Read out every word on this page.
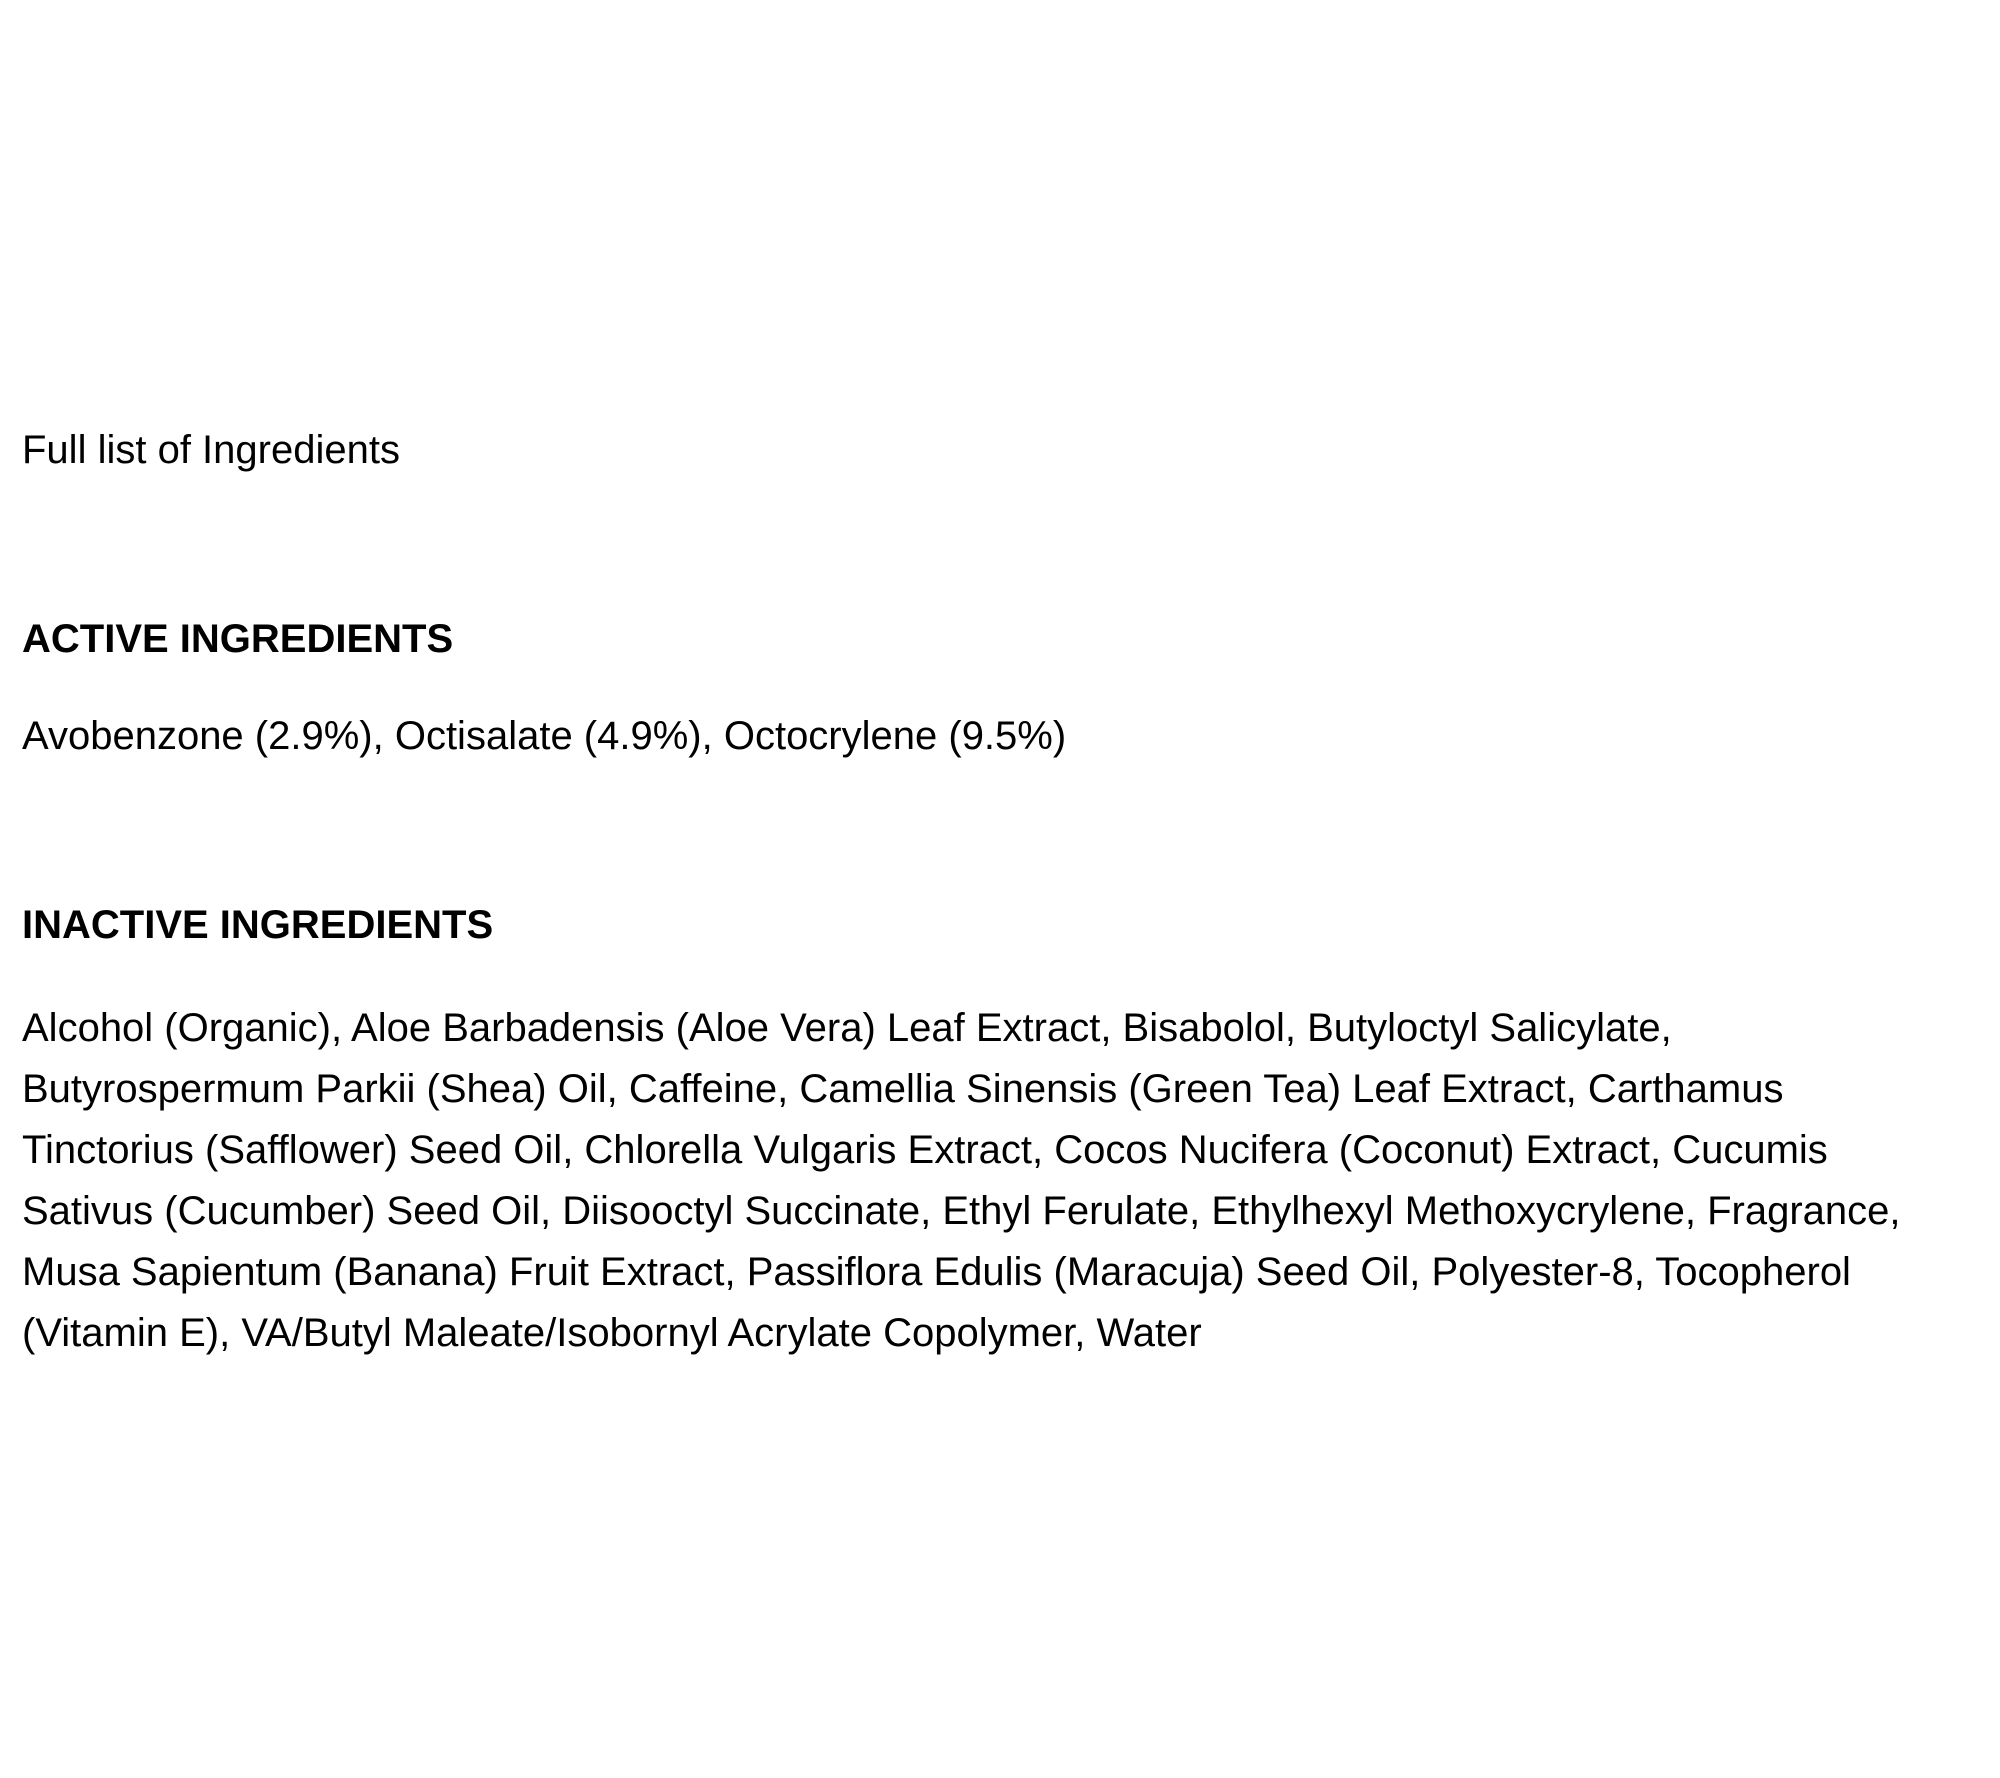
Full list of Ingredients
ACTIVE INGREDIENTS
Avobenzone (2.9%), Octisalate (4.9%), Octocrylene (9.5%)
INACTIVE INGREDIENTS
Alcohol (Organic), Aloe Barbadensis (Aloe Vera) Leaf Extract, Bisabolol, Butyloctyl Salicylate,
Butyrospermum Parkii (Shea) Oil, Caffeine, Camellia Sinensis (Green Tea) Leaf Extract, Carthamus
Tinctorius (Safflower) Seed Oil, Chlorella Vulgaris Extract, Cocos Nucifera (Coconut) Extract, Cucumis
Sativus (Cucumber) Seed Oil, Diisooctyl Succinate, Ethyl Ferulate, Ethylhexyl Methoxycrylene, Fragrance,
Musa Sapientum (Banana) Fruit Extract, Passiflora Edulis (Maracuja) Seed Oil, Polyester-8, Tocopherol
(Vitamin E), VA/Butyl Maleate/Isobornyl Acrylate Copolymer, Water
